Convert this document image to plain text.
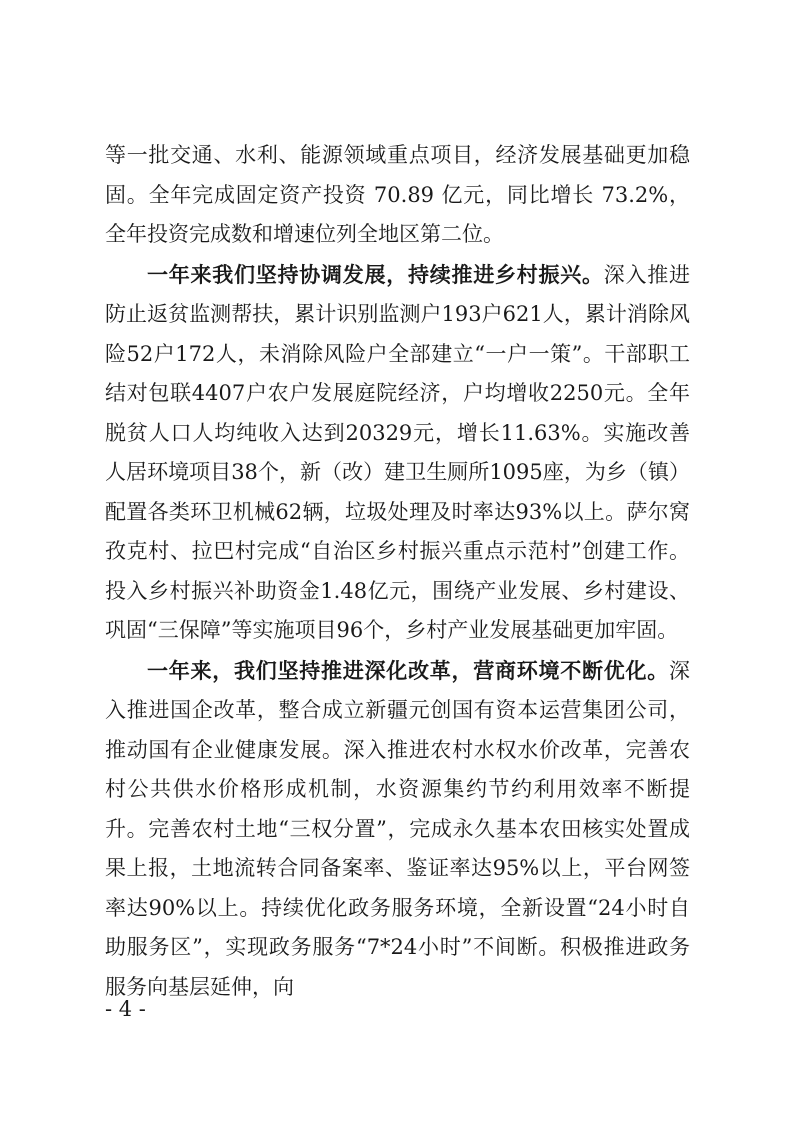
等一批交通、水利、能源领域重点项目，经济发展基础更加稳固。全年完成固定资产投资 70.89 亿元，同比增长 73.2%，全年投资完成数和增速位列全地区第二位。

一年来我们坚持协调发展，持续推进乡村振兴。深入推进防止返贫监测帮扶，累计识别监测户193户621人，累计消除风险52户172人，未消除风险户全部建立“一户一策”。干部职工结对包联4407户农户发展庭院经济，户均增收2250元。全年脱贫人口人均纯收入达到20329元，增长11.63%。实施改善人居环境项目38个，新（改）建卫生厕所1095座，为乡（镇）配置各类环卫机械62辆，垃圾处理及时率达93%以上。萨尔窝孜克村、拉巴村完成“自治区乡村振兴重点示范村”创建工作。投入乡村振兴补助资金1.48亿元，围绕产业发展、乡村建设、巩固“三保障”等实施项目96个，乡村产业发展基础更加牢固。

一年来，我们坚持推进深化改革，营商环境不断优化。深入推进国企改革，整合成立新疆元创国有资本运营集团公司，推动国有企业健康发展。深入推进农村水权水价改革，完善农村公共供水价格形成机制，水资源集约节约利用效率不断提升。完善农村土地“三权分置”，完成永久基本农田核实处置成果上报，土地流转合同备案率、鉴证率达95%以上，平台网签率达90%以上。持续优化政务服务环境，全新设置“24小时自助服务区”，实现政务服务“7*24小时”不间断。积极推进政务服务向基层延伸，向

- 4 -
